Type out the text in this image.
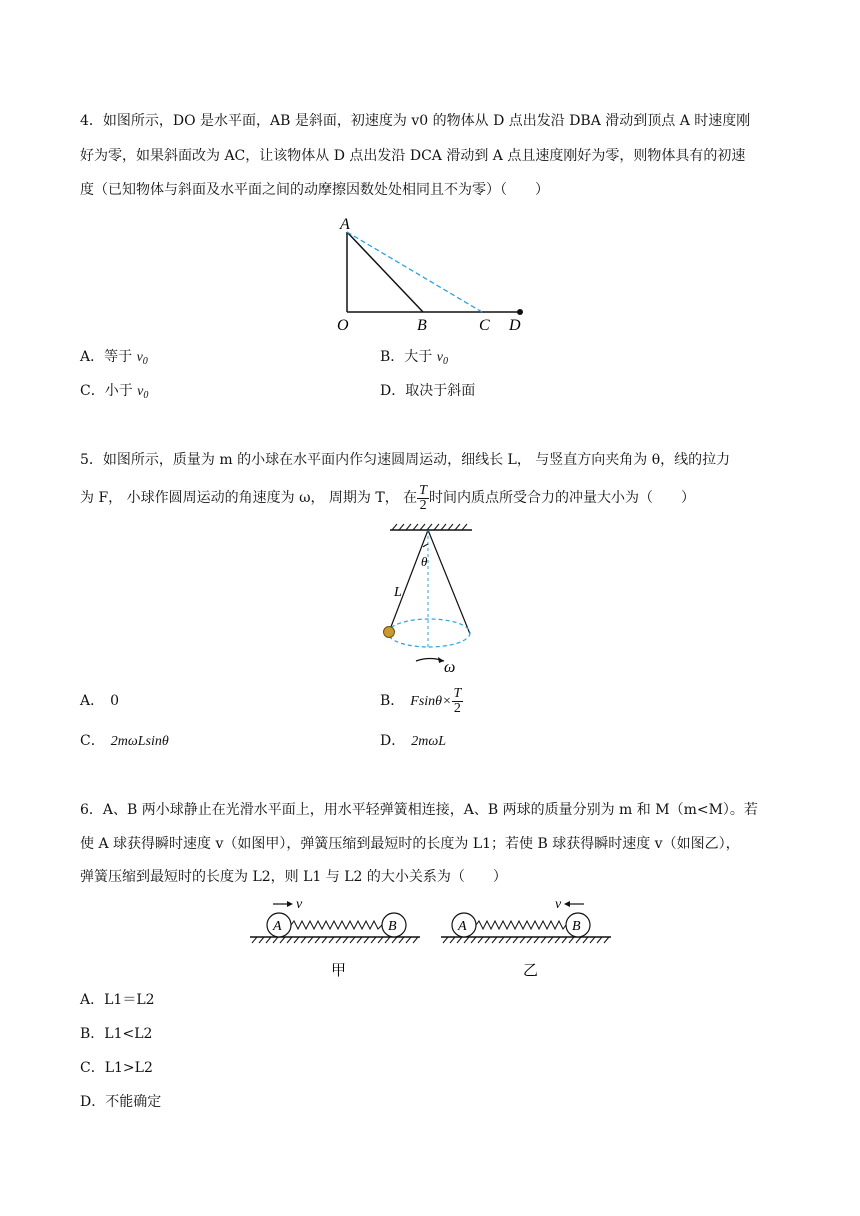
4．如图所示，DO 是水平面，AB 是斜面，初速度为 v0 的物体从 D 点出发沿 DBA 滑动到顶点 A 时速度刚
好为零，如果斜面改为 AC，让该物体从 D 点出发沿 DCA 滑动到 A 点且速度刚好为零，则物体具有的初速
度（已知物体与斜面及水平面之间的动摩擦因数处处相同且不为零）（　　）
A
O	B	C D
A．等于 $v_0$	B．大于 $v_0$
C．小于 $v_0$	D．取决于斜面
5．如图所示，质量为 m 的小球在水平面内作匀速圆周运动，细线长 L， 与竖直方向夹角为 θ，线的拉力
为 F， 小球作圆周运动的角速度为 ω， 周期为 T， 在 $\frac{T}{2}$ 时间内质点所受合力的冲量大小为（　　）
θ
L
ω
A． 0	B． $Fsin\theta\times \frac{T}{2}$
C． 2mωLsinθ	D． 2mωL
6．A、B 两小球静止在光滑水平面上，用水平轻弹簧相连接，A、B 两球的质量分别为 m 和 M（m<M）。若
使 A 球获得瞬时速度 v（如图甲），弹簧压缩到最短时的长度为 L1；若使 B 球获得瞬时速度 v（如图乙），
弹簧压缩到最短时的长度为 L2，则 L1 与 L2 的大小关系为（　　）
v
A	B
甲
v
A	B
乙
A．L1＝L2
B．L1<L2
C．L1>L2
D．不能确定
